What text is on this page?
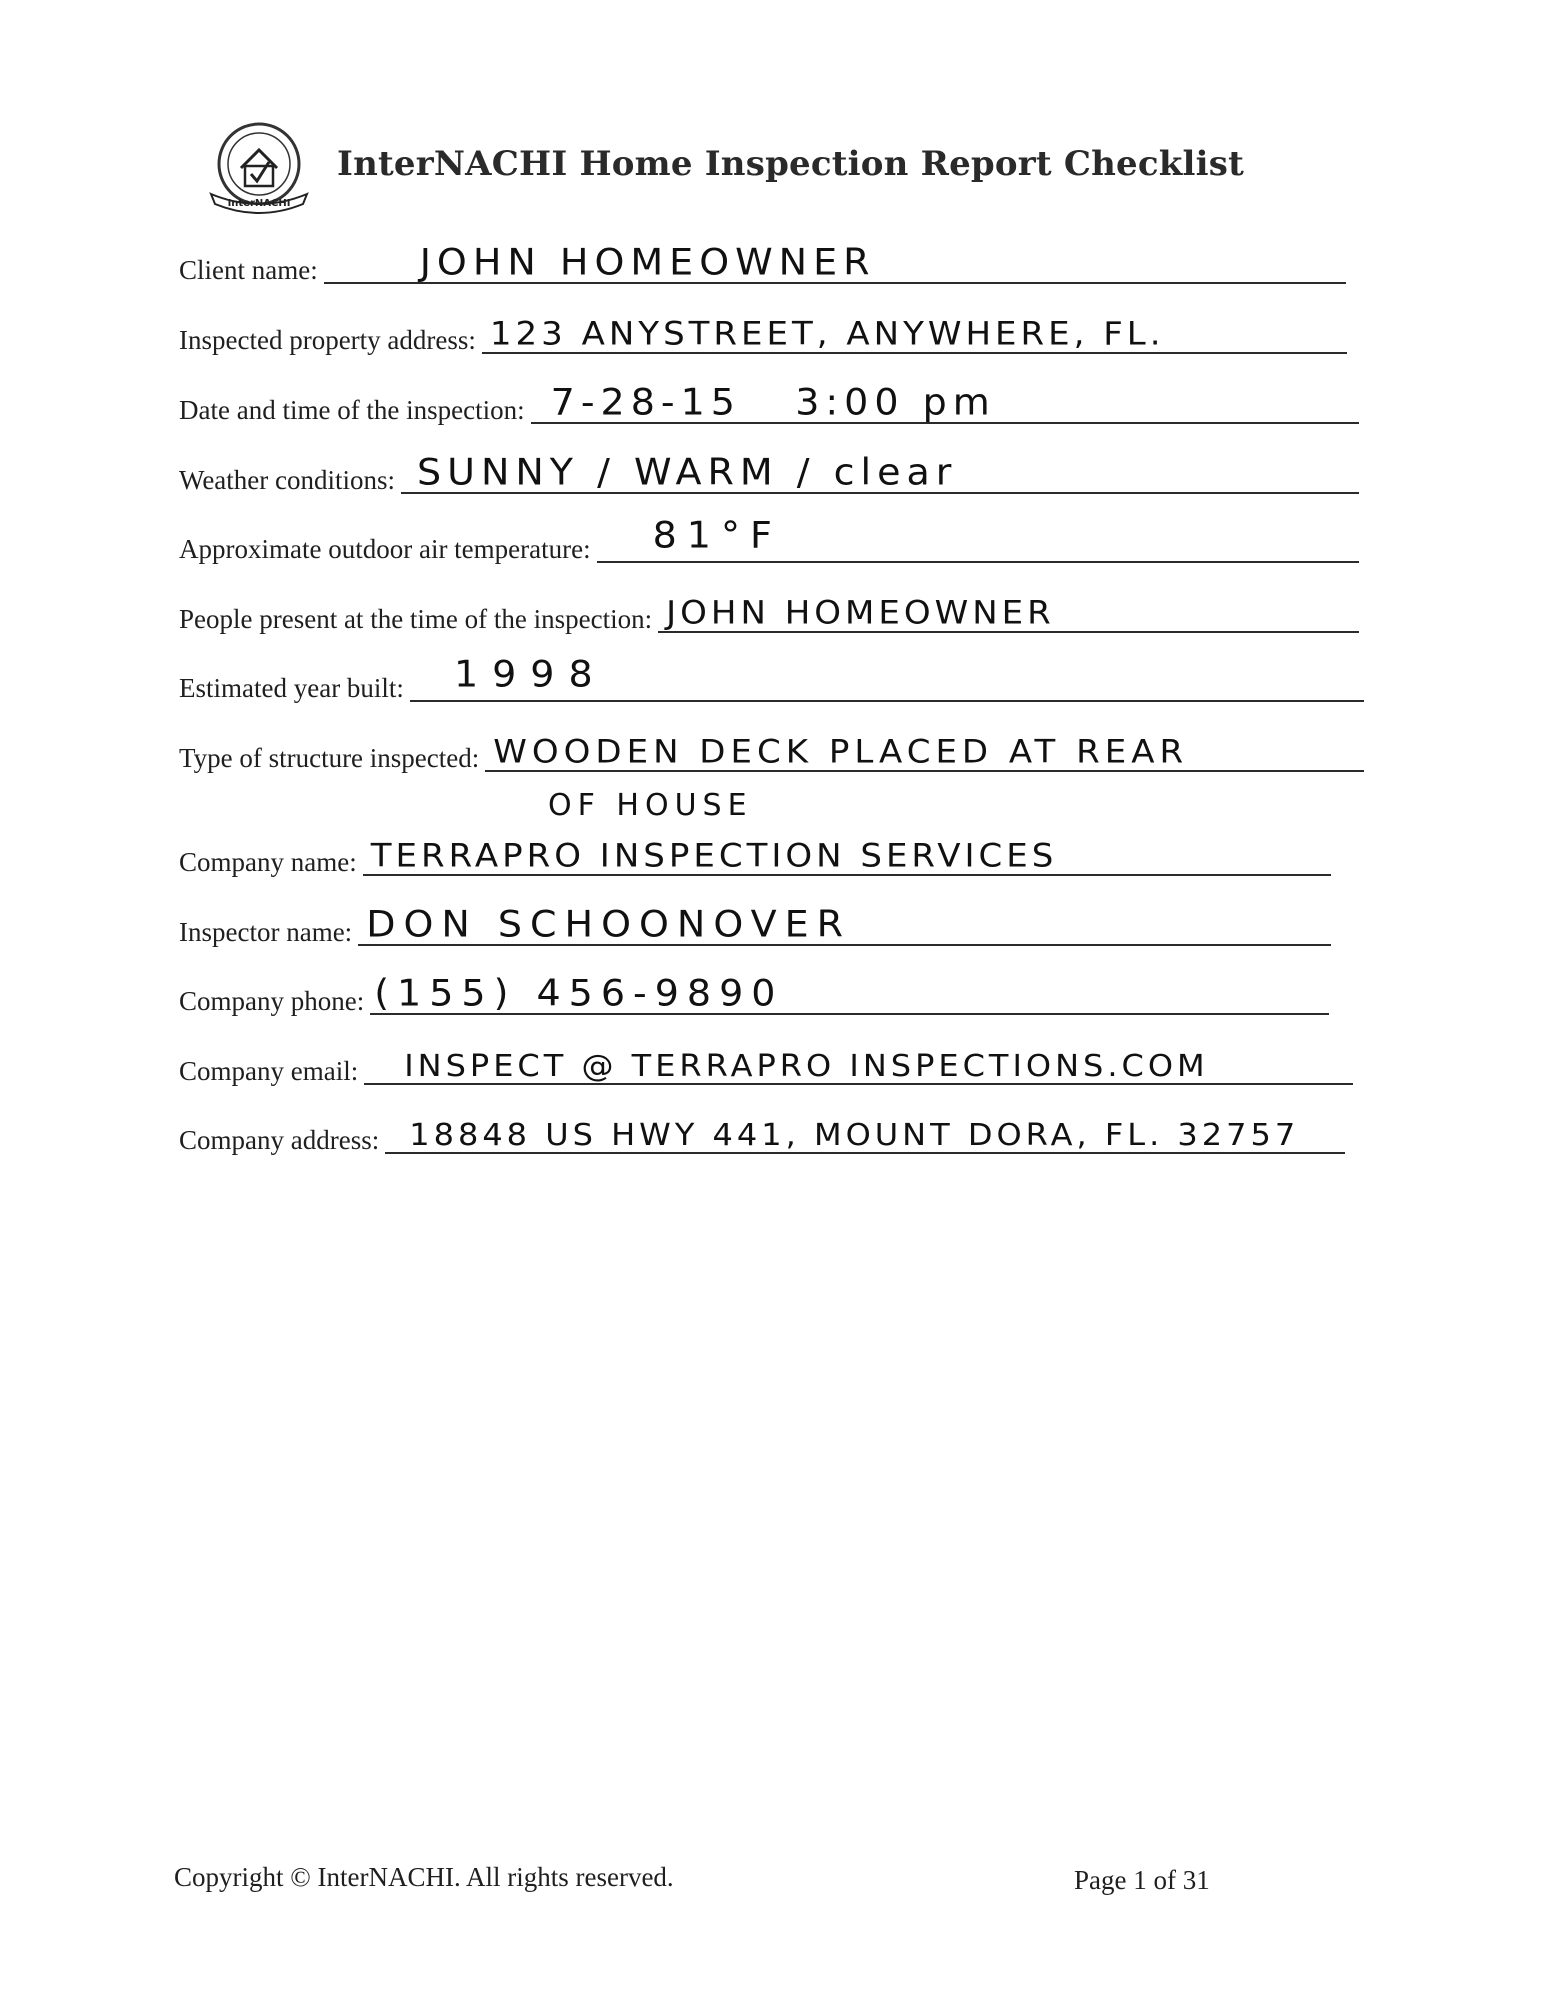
InterNACHI
InterNACHI Home Inspection Report Checklist
Client name:	JOHN HOMEOWNER
Inspected property address: 123 ANYSTREET, ANYWHERE, FL.
Date and time of the inspection: 7-28-15   3:00 pm
Weather conditions: SUNNY / WARM / clear
Approximate outdoor air temperature: 81°F
People present at the time of the inspection: JOHN HOMEOWNER
Estimated year built: 1998
Type of structure inspected: WOODEN DECK PLACED AT REAR
OF HOUSE
Company name: TERRAPRO INSPECTION SERVICES
Inspector name: DON SCHOONOVER
Company phone: (155) 456-9890
Company email: INSPECT @ TERRAPRO INSPECTIONS.COM
Company address: 18848 US HWY 441, MOUNT DORA, FL. 32757
Copyright © InterNACHI. All rights reserved.	Page 1 of 31
